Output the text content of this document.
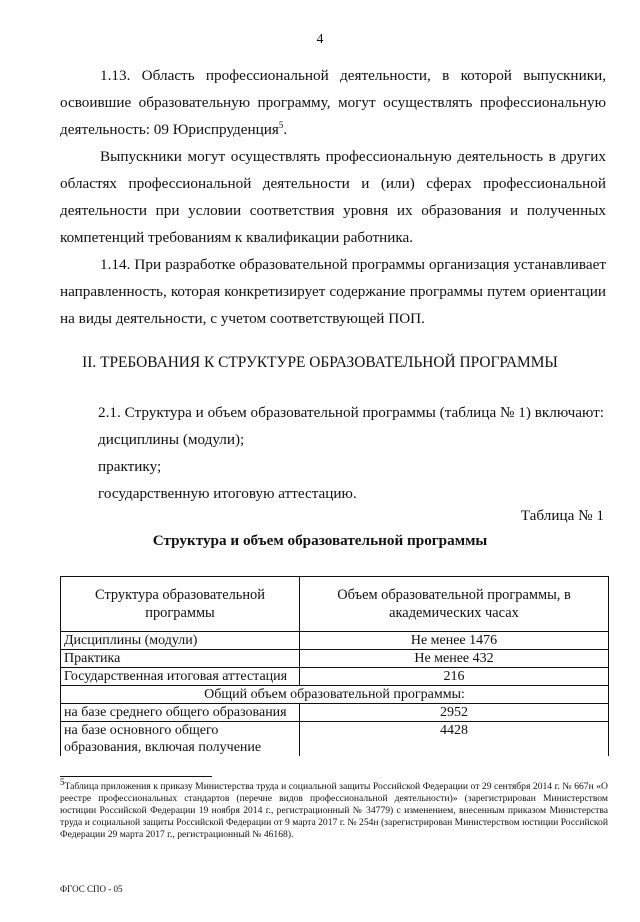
4
1.13. Область профессиональной деятельности, в которой выпускники, освоившие образовательную программу, могут осуществлять профессиональную деятельность: 09 Юриспруденция$^5$.
Выпускники могут осуществлять профессиональную деятельность в других областях профессиональной деятельности и (или) сферах профессиональной деятельности при условии соответствия уровня их образования и полученных компетенций требованиям к квалификации работника.
1.14. При разработке образовательной программы организация устанавливает направленность, которая конкретизирует содержание программы путем ориентации на виды деятельности, с учетом соответствующей ПОП.
II. ТРЕБОВАНИЯ К СТРУКТУРЕ ОБРАЗОВАТЕЛЬНОЙ ПРОГРАММЫ
2.1. Структура и объем образовательной программы (таблица № 1) включают:
дисциплины (модули);
практику;
государственную итоговую аттестацию.
Таблица № 1
Структура и объем образовательной программы
Структура образовательной программы	Объем образовательной программы, в академических часах
Дисциплины (модули)	Не менее 1476
Практика	Не менее 432
Государственная итоговая аттестация	216
Общий объем образовательной программы:	
на базе среднего общего образования	2952
на базе основного общего образования, включая получение	4428
$^5$Таблица приложения к приказу Министерства труда и социальной защиты Российской Федерации от 29 сентября 2014 г. № 667н «О реестре профессиональных стандартов (перечне видов профессиональной деятельности)» (зарегистрирован Министерством юстиции Российской Федерации 19 ноября 2014 г., регистрационный № 34779) с изменением, внесенным приказом Министерства труда и социальной защиты Российской Федерации от 9 марта 2017 г. № 254н (зарегистрирован Министерством юстиции Российской Федерации 29 марта 2017 г., регистрационный № 46168).
ФГОС СПО - 05
